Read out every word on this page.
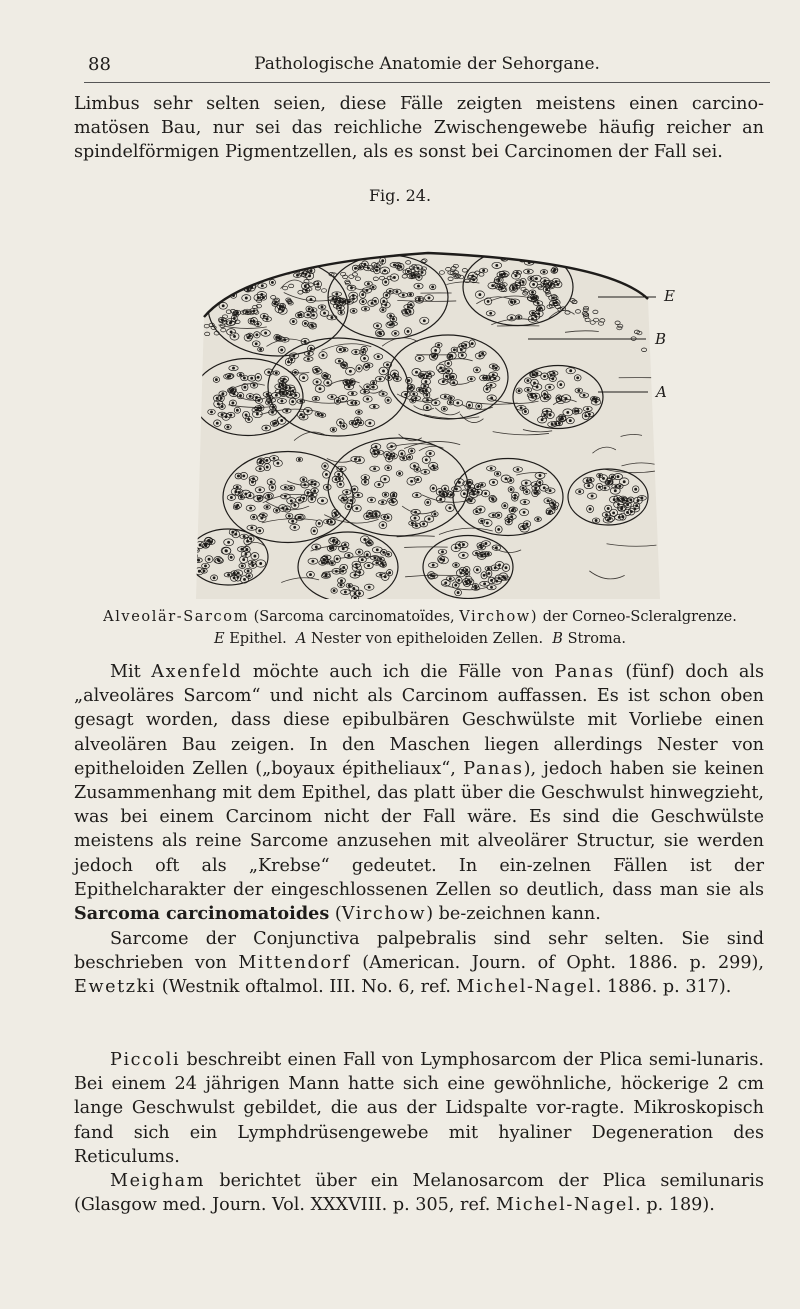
88	Pathologische Anatomie der Sehorgane.

Limbus sehr selten seien, diese Fälle zeigten meistens einen carcino-matösen Bau, nur sei das reichliche Zwischengewebe häufig reicher an spindelförmigen Pigmentzellen, als es sonst bei Carcinomen der Fall sei.

Fig. 24.
E
B
A
Alveolär-Sarcom (Sarcoma carcinomatoïdes, Virchow) der Corneo-Scleralgrenze.
E Epithel. A Nester von epitheloiden Zellen. B Stroma.

Mit Axenfeld möchte auch ich die Fälle von Panas (fünf) doch als „alveoläres Sarcom“ und nicht als Carcinom auffassen. Es ist schon oben gesagt worden, dass diese epibulbären Geschwülste mit Vorliebe einen alveolären Bau zeigen. In den Maschen liegen allerdings Nester von epitheloiden Zellen („boyaux épitheliaux“, Panas), jedoch haben sie keinen Zusammenhang mit dem Epithel, das platt über die Geschwulst hinwegzieht, was bei einem Carcinom nicht der Fall wäre. Es sind die Geschwülste meistens als reine Sarcome anzusehen mit alveolärer Structur, sie werden jedoch oft als „Krebse“ gedeutet. In ein-zelnen Fällen ist der Epithelcharakter der eingeschlossenen Zellen so deutlich, dass man sie als Sarcoma carcinomatoides (Virchow) be-zeichnen kann.

Sarcome der Conjunctiva palpebralis sind sehr selten. Sie sind beschrieben von Mittendorf (American. Journ. of Opht. 1886. p. 299), Ewetzki (Westnik oftalmol. III. No. 6, ref. Michel-Nagel. 1886. p. 317).

Piccoli beschreibt einen Fall von Lymphosarcom der Plica semi-lunaris. Bei einem 24 jährigen Mann hatte sich eine gewöhnliche, höckerige 2 cm lange Geschwulst gebildet, die aus der Lidspalte vor-ragte. Mikroskopisch fand sich ein Lymphdrüsengewebe mit hyaliner Degeneration des Reticulums.

Meigham berichtet über ein Melanosarcom der Plica semilunaris (Glasgow med. Journ. Vol. XXXVIII. p. 305, ref. Michel-Nagel. p. 189).
